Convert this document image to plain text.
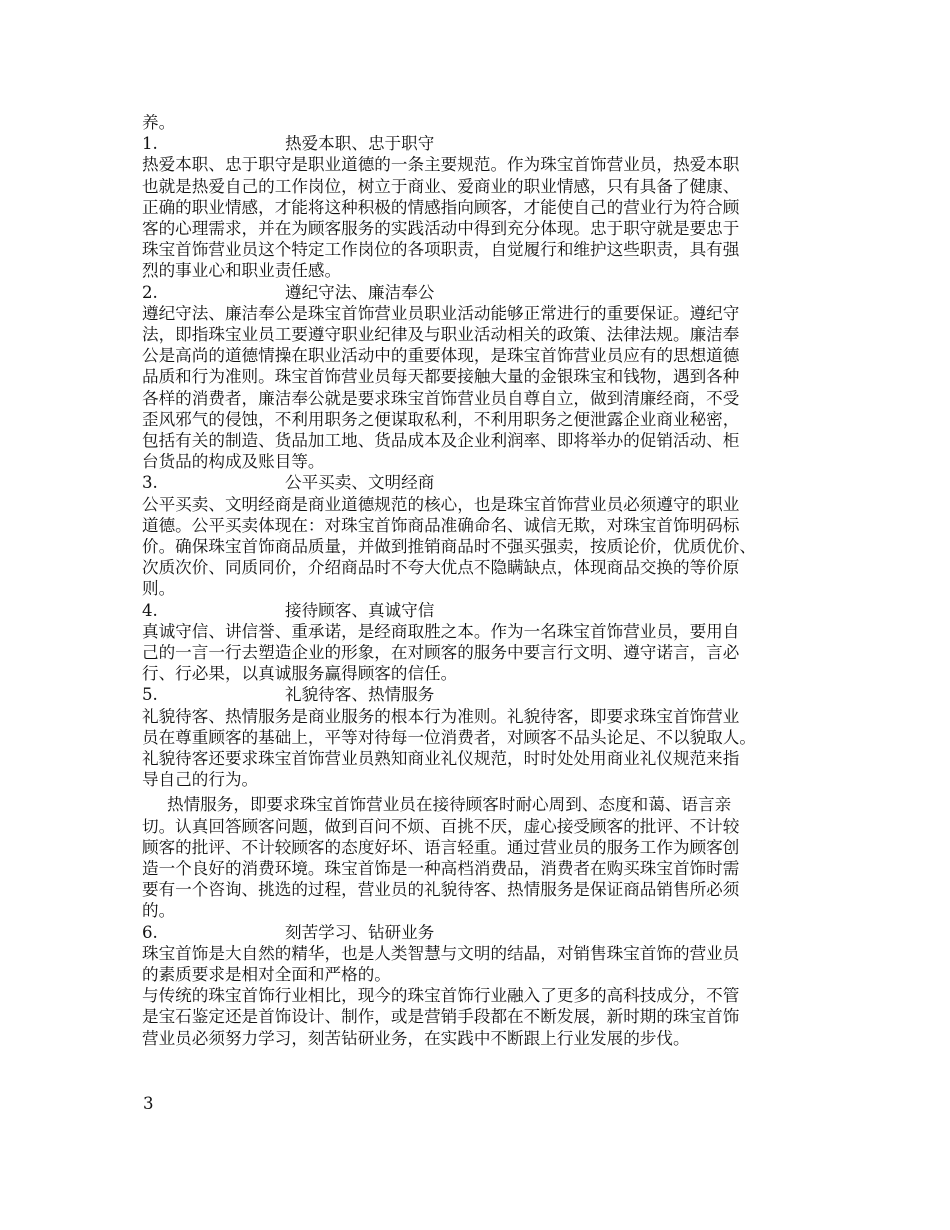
养。
1.	热爱本职、忠于职守
热爱本职、忠于职守是职业道德的一条主要规范。作为珠宝首饰营业员，热爱本职
也就是热爱自己的工作岗位，树立于商业、爱商业的职业情感，只有具备了健康、
正确的职业情感，才能将这种积极的情感指向顾客，才能使自己的营业行为符合顾
客的心理需求，并在为顾客服务的实践活动中得到充分体现。忠于职守就是要忠于
珠宝首饰营业员这个特定工作岗位的各项职责，自觉履行和维护这些职责，具有强
烈的事业心和职业责任感。
2.	遵纪守法、廉洁奉公
遵纪守法、廉洁奉公是珠宝首饰营业员职业活动能够正常进行的重要保证。遵纪守
法，即指珠宝业员工要遵守职业纪律及与职业活动相关的政策、法律法规。廉洁奉
公是高尚的道德情操在职业活动中的重要体现，是珠宝首饰营业员应有的思想道德
品质和行为准则。珠宝首饰营业员每天都要接触大量的金银珠宝和钱物，遇到各种
各样的消费者，廉洁奉公就是要求珠宝首饰营业员自尊自立，做到清廉经商，不受
歪风邪气的侵蚀，不利用职务之便谋取私利，不利用职务之便泄露企业商业秘密，
包括有关的制造、货品加工地、货品成本及企业利润率、即将举办的促销活动、柜
台货品的构成及账目等。
3.	公平买卖、文明经商
公平买卖、文明经商是商业道德规范的核心，也是珠宝首饰营业员必须遵守的职业
道德。公平买卖体现在：对珠宝首饰商品准确命名、诚信无欺，对珠宝首饰明码标
价。确保珠宝首饰商品质量，并做到推销商品时不强买强卖，按质论价，优质优价、
次质次价、同质同价，介绍商品时不夸大优点不隐瞒缺点，体现商品交换的等价原
则。
4.	接待顾客、真诚守信
真诚守信、讲信誉、重承诺，是经商取胜之本。作为一名珠宝首饰营业员，要用自
己的一言一行去塑造企业的形象，在对顾客的服务中要言行文明、遵守诺言，言必
行、行必果，以真诚服务赢得顾客的信任。
5.	礼貌待客、热情服务
礼貌待客、热情服务是商业服务的根本行为准则。礼貌待客，即要求珠宝首饰营业
员在尊重顾客的基础上，平等对待每一位消费者，对顾客不品头论足、不以貌取人。
礼貌待客还要求珠宝首饰营业员熟知商业礼仪规范，时时处处用商业礼仪规范来指
导自己的行为。
热情服务，即要求珠宝首饰营业员在接待顾客时耐心周到、态度和蔼、语言亲
切。认真回答顾客问题，做到百问不烦、百挑不厌，虚心接受顾客的批评、不计较
顾客的批评、不计较顾客的态度好坏、语言轻重。通过营业员的服务工作为顾客创
造一个良好的消费环境。珠宝首饰是一种高档消费品，消费者在购买珠宝首饰时需
要有一个咨询、挑选的过程，营业员的礼貌待客、热情服务是保证商品销售所必须
的。
6.	刻苦学习、钻研业务
珠宝首饰是大自然的精华，也是人类智慧与文明的结晶，对销售珠宝首饰的营业员
的素质要求是相对全面和严格的。
与传统的珠宝首饰行业相比，现今的珠宝首饰行业融入了更多的高科技成分，不管
是宝石鉴定还是首饰设计、制作，或是营销手段都在不断发展，新时期的珠宝首饰
营业员必须努力学习，刻苦钻研业务，在实践中不断跟上行业发展的步伐。
3
